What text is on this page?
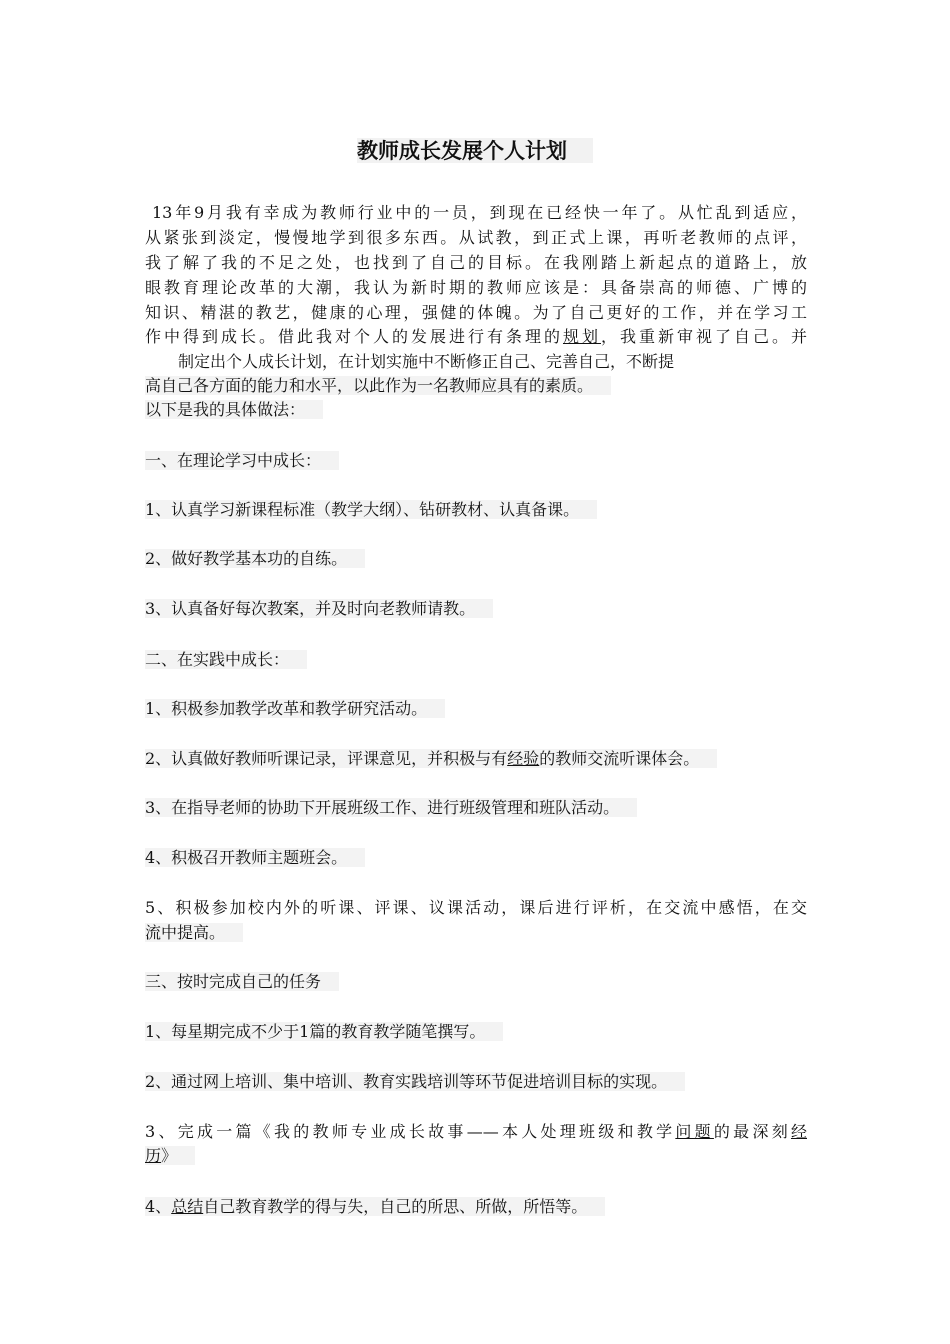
教师成长发展个人计划
13年9月我有幸成为教师行业中的一员，到现在已经快一年了。从忙乱到适应，
从紧张到淡定，慢慢地学到很多东西。从试教，到正式上课，再听老教师的点评，
我了解了我的不足之处，也找到了自己的目标。在我刚踏上新起点的道路上，放
眼教育理论改革的大潮，我认为新时期的教师应该是：具备崇高的师德、广博的
知识、精湛的教艺，健康的心理，强健的体魄。为了自己更好的工作，并在学习工
作中得到成长。借此我对个人的发展进行有条理的规划，我重新审视了自己。并
制定出个人成长计划，在计划实施中不断修正自己、完善自己，不断提
高自己各方面的能力和水平，以此作为一名教师应具有的素质。
以下是我的具体做法：
一、在理论学习中成长：
1、认真学习新课程标准（教学大纲）、钻研教材、认真备课。
2、做好教学基本功的自练。
3、认真备好每次教案，并及时向老教师请教。
二、在实践中成长：
1、积极参加教学改革和教学研究活动。
2、认真做好教师听课记录，评课意见，并积极与有经验的教师交流听课体会。
3、在指导老师的协助下开展班级工作、进行班级管理和班队活动。
4、积极召开教师主题班会。
5、积极参加校内外的听课、评课、议课活动，课后进行评析，在交流中感悟，在交
流中提高。
三、按时完成自己的任务
1、每星期完成不少于1篇的教育教学随笔撰写。
2、通过网上培训、集中培训、教育实践培训等环节促进培训目标的实现。
3、完成一篇《我的教师专业成长故事——本人处理班级和教学问题的最深刻经
历》
4、总结自己教育教学的得与失，自己的所思、所做，所悟等。
